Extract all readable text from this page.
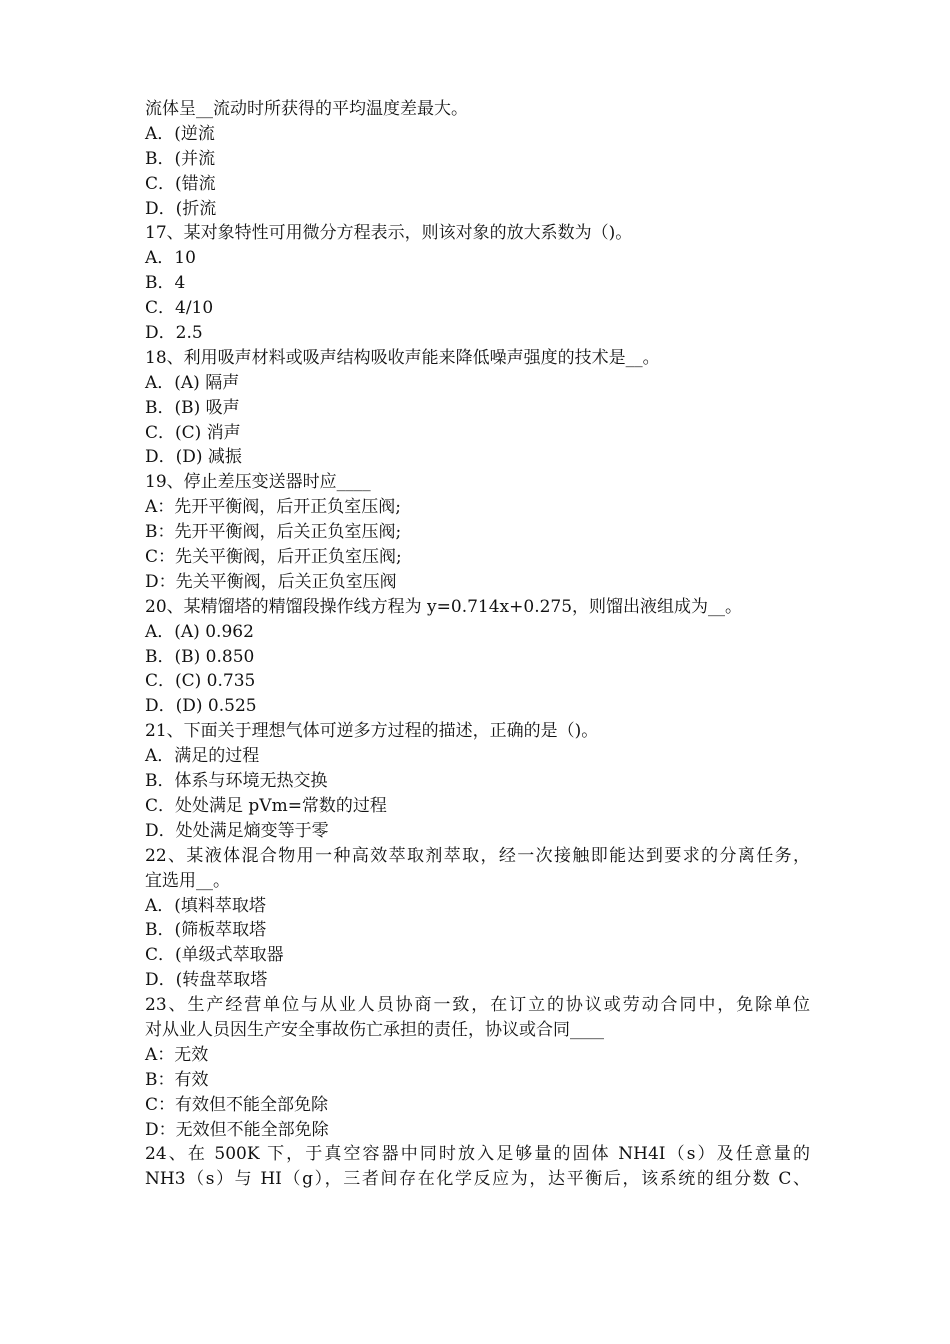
流体呈__流动时所获得的平均温度差最大。
A．(逆流
B．(并流
C．(错流
D．(折流
17、某对象特性可用微分方程表示，则该对象的放大系数为（)。
A．10
B．4
C．4/10
D．2.5
18、利用吸声材料或吸声结构吸收声能来降低噪声强度的技术是__。
A．(A) 隔声
B．(B) 吸声
C．(C) 消声
D．(D) 减振
19、停止差压变送器时应____
A：先开平衡阀，后开正负室压阀;
B：先开平衡阀，后关正负室压阀;
C：先关平衡阀，后开正负室压阀;
D：先关平衡阀，后关正负室压阀
20、某精馏塔的精馏段操作线方程为 y=0.714x+0.275，则馏出液组成为__。
A．(A) 0.962
B．(B) 0.850
C．(C) 0.735
D．(D) 0.525
21、下面关于理想气体可逆多方过程的描述，正确的是（)。
A．满足的过程
B．体系与环境无热交换
C．处处满足 pVm=常数的过程
D．处处满足熵变等于零
22、某液体混合物用一种高效萃取剂萃取，经一次接触即能达到要求的分离任务，
宜选用__。
A．(填料萃取塔
B．(筛板萃取塔
C．(单级式萃取器
D．(转盘萃取塔
23、生产经营单位与从业人员协商一致，在订立的协议或劳动合同中，免除单位
对从业人员因生产安全事故伤亡承担的责任，协议或合同____
A：无效
B：有效
C：有效但不能全部免除
D：无效但不能全部免除
24、在 500K 下，于真空容器中同时放入足够量的固体 NH4I（s）及任意量的
NH3（s）与 HI（g），三者间存在化学反应为，达平衡后，该系统的组分数 C、
